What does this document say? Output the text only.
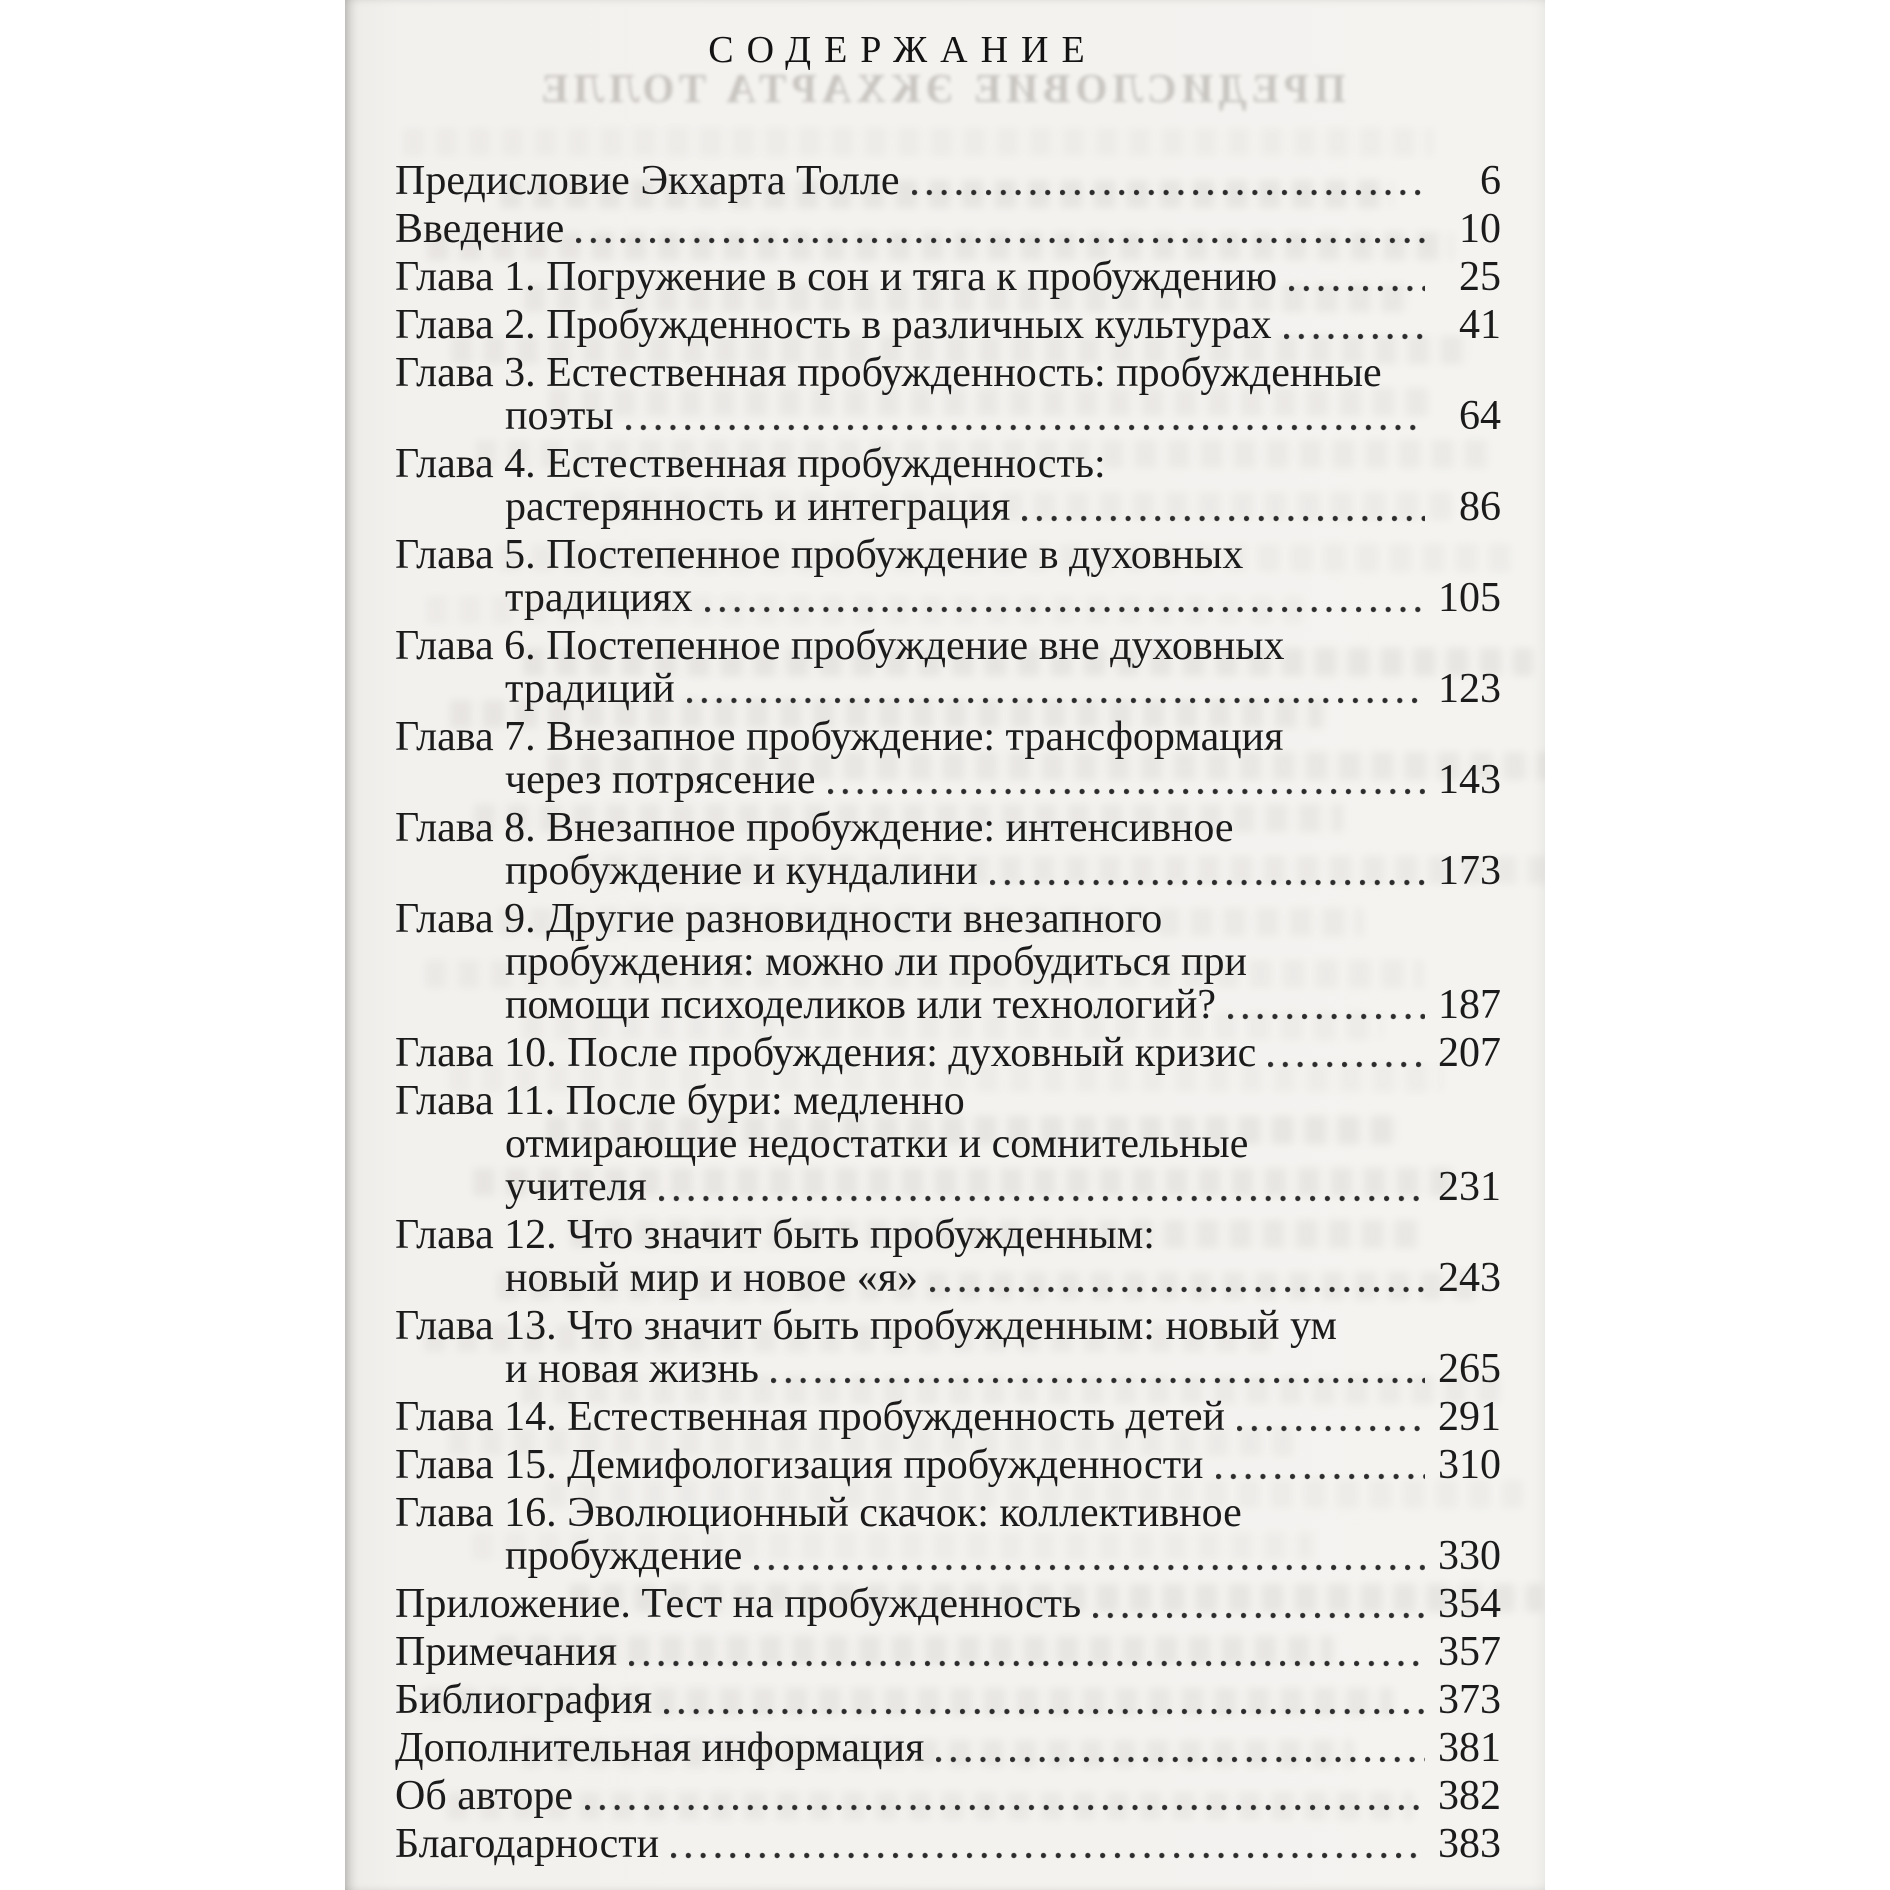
ПРЕДИСЛОВИЕ ЭКХАРТА ТОЛЛЕ
СОДЕРЖАНИЕ
Предисловие Экхарта Толле	6
Введение	10
Глава 1. Погружение в сон и тяга к пробуждению	25
Глава 2. Пробужденность в различных культурах	41
Глава 3. Естественная пробужденность: пробужденные
поэты	64
Глава 4. Естественная пробужденность:
растерянность и интеграция	86
Глава 5. Постепенное пробуждение в духовных
традициях	105
Глава 6. Постепенное пробуждение вне духовных
традиций	123
Глава 7. Внезапное пробуждение: трансформация
через потрясение	143
Глава 8. Внезапное пробуждение: интенсивное
пробуждение и кундалини	173
Глава 9. Другие разновидности внезапного
пробуждения: можно ли пробудиться при
помощи психоделиков или технологий?	187
Глава 10. После пробуждения: духовный кризис	207
Глава 11. После бури: медленно
отмирающие недостатки и сомнительные
учителя	231
Глава 12. Что значит быть пробужденным:
новый мир и новое «я»	243
Глава 13. Что значит быть пробужденным: новый ум
и новая жизнь	265
Глава 14. Естественная пробужденность детей	291
Глава 15. Демифологизация пробужденности	310
Глава 16. Эволюционный скачок: коллективное
пробуждение	330
Приложение. Тест на пробужденность	354
Примечания	357
Библиография	373
Дополнительная информация	381
Об авторе	382
Благодарности	383
